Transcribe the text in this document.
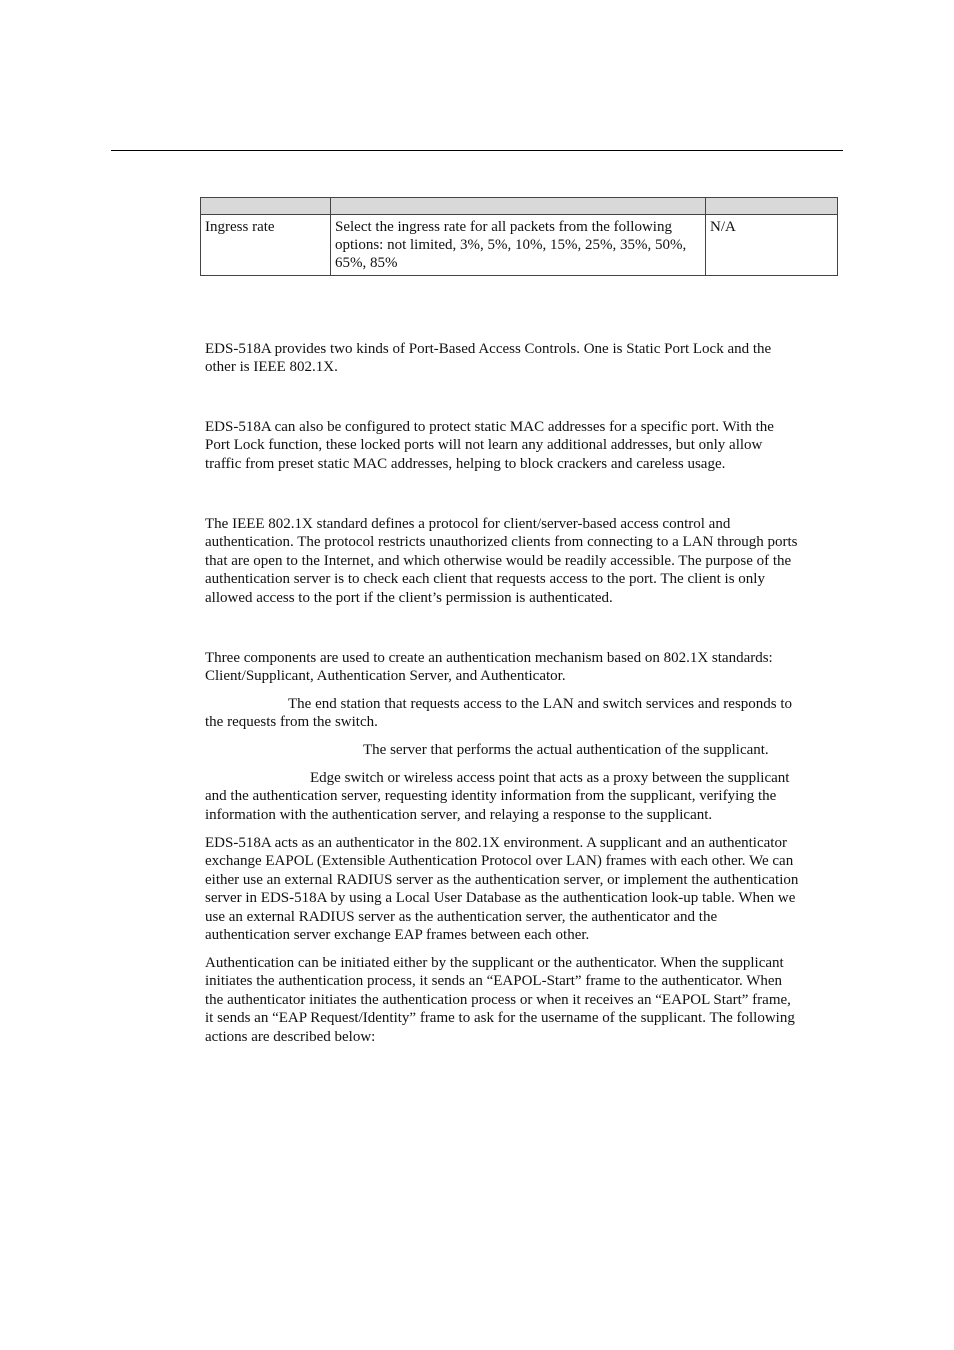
Ingress rate	Select the ingress rate for all packets from the following options: not limited, 3%, 5%, 10%, 15%, 25%, 35%, 50%, 65%, 85%	N/A

EDS-518A provides two kinds of Port-Based Access Controls. One is Static Port Lock and the
other is IEEE 802.1X.

EDS-518A can also be configured to protect static MAC addresses for a specific port. With the
Port Lock function, these locked ports will not learn any additional addresses, but only allow
traffic from preset static MAC addresses, helping to block crackers and careless usage.

The IEEE 802.1X standard defines a protocol for client/server-based access control and
authentication. The protocol restricts unauthorized clients from connecting to a LAN through ports
that are open to the Internet, and which otherwise would be readily accessible. The purpose of the
authentication server is to check each client that requests access to the port. The client is only
allowed access to the port if the client’s permission is authenticated.

Three components are used to create an authentication mechanism based on 802.1X standards:
Client/Supplicant, Authentication Server, and Authenticator.

The end station that requests access to the LAN and switch services and responds to
the requests from the switch.

The server that performs the actual authentication of the supplicant.

Edge switch or wireless access point that acts as a proxy between the supplicant
and the authentication server, requesting identity information from the supplicant, verifying the
information with the authentication server, and relaying a response to the supplicant.

EDS-518A acts as an authenticator in the 802.1X environment. A supplicant and an authenticator
exchange EAPOL (Extensible Authentication Protocol over LAN) frames with each other. We can
either use an external RADIUS server as the authentication server, or implement the authentication
server in EDS-518A by using a Local User Database as the authentication look-up table. When we
use an external RADIUS server as the authentication server, the authenticator and the
authentication server exchange EAP frames between each other.

Authentication can be initiated either by the supplicant or the authenticator. When the supplicant
initiates the authentication process, it sends an “EAPOL-Start” frame to the authenticator. When
the authenticator initiates the authentication process or when it receives an “EAPOL Start” frame,
it sends an “EAP Request/Identity” frame to ask for the username of the supplicant. The following
actions are described below:
